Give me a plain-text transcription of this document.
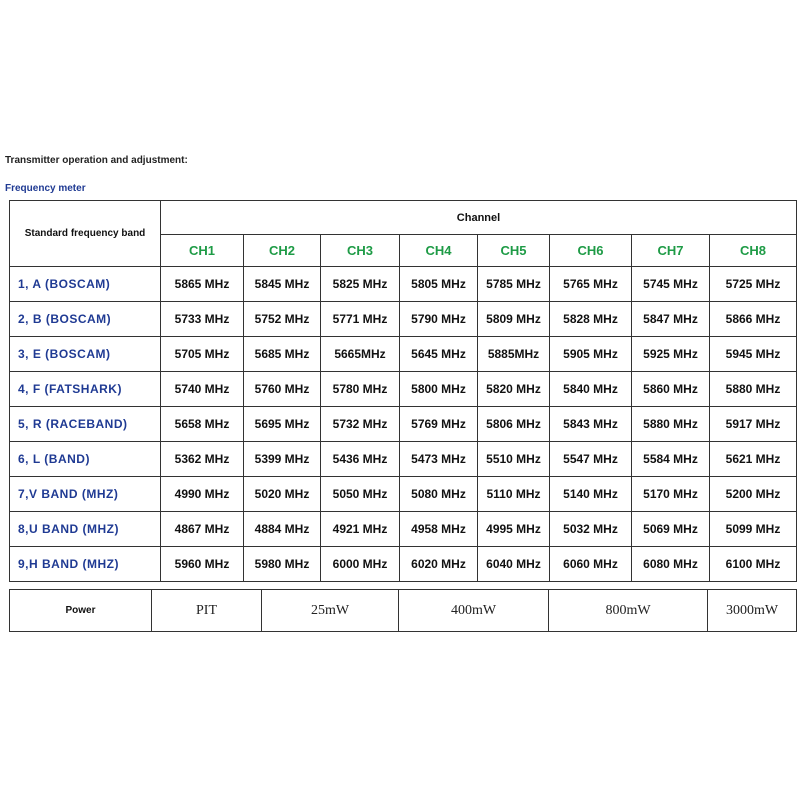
Transmitter operation and adjustment:
Frequency meter
Standard frequency band	Channel							
	CH1	CH2	CH3	CH4	CH5	CH6	CH7	CH8
1, A (BOSCAM)	5865 MHz	5845 MHz	5825 MHz	5805 MHz	5785 MHz	5765 MHz	5745 MHz	5725 MHz
2, B (BOSCAM)	5733 MHz	5752 MHz	5771 MHz	5790 MHz	5809 MHz	5828 MHz	5847 MHz	5866 MHz
3, E (BOSCAM)	5705 MHz	5685 MHz	5665MHz	5645 MHz	5885MHz	5905 MHz	5925 MHz	5945 MHz
4, F (FATSHARK)	5740 MHz	5760 MHz	5780 MHz	5800 MHz	5820 MHz	5840 MHz	5860 MHz	5880 MHz
5, R (RACEBAND)	5658 MHz	5695 MHz	5732 MHz	5769 MHz	5806 MHz	5843 MHz	5880 MHz	5917 MHz
6, L (BAND)	5362 MHz	5399 MHz	5436 MHz	5473 MHz	5510 MHz	5547 MHz	5584 MHz	5621 MHz
7,V BAND (MHZ)	4990 MHz	5020 MHz	5050 MHz	5080 MHz	5110 MHz	5140 MHz	5170 MHz	5200 MHz
8,U BAND (MHZ)	4867 MHz	4884 MHz	4921 MHz	4958 MHz	4995 MHz	5032 MHz	5069 MHz	5099 MHz
9,H BAND (MHZ)	5960 MHz	5980 MHz	6000 MHz	6020 MHz	6040 MHz	6060 MHz	6080 MHz	6100 MHz
Power	PIT	25mW	400mW	800mW	3000mW
